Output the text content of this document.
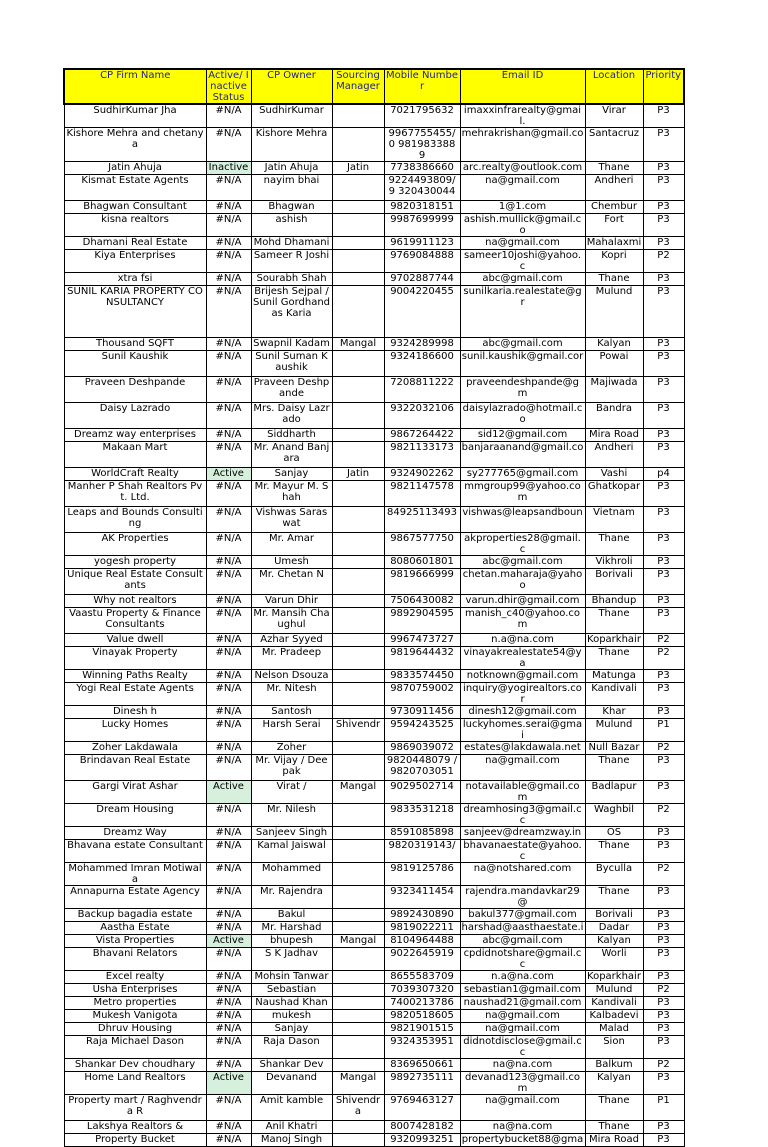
CP Firm Name	Active/ Inactive Status	CP Owner	Sourcing Manager	Mobile Number	Email ID	Location	Priority
SudhirKumar Jha	#N/A	SudhirKumar		7021795632	imaxxinfrarealty@gmail.	Virar	P3
Kishore Mehra and chetanya	#N/A	Kishore Mehra		9967755455/0 9819833889	mehrakrishan@gmail.co	Santacruz	P3
Jatin Ahuja	Inactive	Jatin Ahuja	Jatin	7738386660	arc.realty@outlook.com	Thane	P3
Kismat Estate Agents	#N/A	nayim bhai		9224493809/9 320430044	na@gmail.com	Andheri	P3
Bhagwan Consultant	#N/A	Bhagwan		9820318151	1@1.com	Chembur	P3
kisna realtors	#N/A	ashish		9987699999	ashish.mullick@gmail.co	Fort	P3
Dhamani Real Estate	#N/A	Mohd Dhamani		9619911123	na@gmail.com	Mahalaxmi	P3
Kiya Enterprises	#N/A	Sameer R Joshi		9769084888	sameer10joshi@yahoo.c	Kopri	P2
xtra fsi	#N/A	Sourabh Shah		9702887744	abc@gmail.com	Thane	P3
SUNIL KARIA PROPERTY CONSULTANCY	#N/A	Brijesh Sejpal / Sunil Gordhandas Karia		9004220455	sunilkaria.realestate@gr	Mulund	P3
Thousand SQFT	#N/A	Swapnil Kadam	Mangal	9324289998	abc@gmail.com	Kalyan	P3
Sunil Kaushik	#N/A	Sunil Suman Kaushik		9324186600	sunil.kaushik@gmail.cor	Powai	P3
Praveen Deshpande	#N/A	Praveen Deshpande		7208811222	praveendeshpande@gm	Majiwada	P3
Daisy Lazrado	#N/A	Mrs. Daisy Lazrado		9322032106	daisylazrado@hotmail.co	Bandra	P3
Dreamz way enterprises	#N/A	Siddharth		9867264422	sid12@gmail.com	Mira Road	P3
Makaan Mart	#N/A	Mr. Anand Banjara		9821133173	banjaraanand@gmail.co	Andheri	P3
WorldCraft Realty	Active	Sanjay	Jatin	9324902262	sy277765@gmail.com	Vashi	p4
Manher P Shah Realtors Pvt. Ltd.	#N/A	Mr. Mayur M. Shah		9821147578	mmgroup99@yahoo.com	Ghatkopar	P3
Leaps and Bounds Consulting	#N/A	Vishwas Saraswat		84925113493	vishwas@leapsandboun	Vietnam	P3
AK Properties	#N/A	Mr. Amar		9867577750	akproperties28@gmail.c	Thane	P3
yogesh property	#N/A	Umesh		8080601801	abc@gmail.com	Vikhroli	P3
Unique Real Estate Consultants	#N/A	Mr. Chetan N		9819666999	chetan.maharaja@yahoo	Borivali	P3
Why not realtors	#N/A	Varun Dhir		7506430082	varun.dhir@gmail.com	Bhandup	P3
Vaastu Property & Finance Consultants	#N/A	Mr. Mansih Chaughul		9892904595	manish_c40@yahoo.com	Thane	P3
Value dwell	#N/A	Azhar Syyed		9967473727	n.a@na.com	Koparkhair	P2
Vinayak Property	#N/A	Mr. Pradeep		9819644432	vinayakrealestate54@ya	Thane	P2
Winning Paths Realty	#N/A	Nelson Dsouza		9833574450	notknown@gmail.com	Matunga	P3
Yogi Real Estate Agents	#N/A	Mr. Nitesh		9870759002	inquiry@yogirealtors.cor	Kandivali	P3
Dinesh h	#N/A	Santosh		9730911456	dinesh12@gmail.com	Khar	P3
Lucky Homes	#N/A	Harsh Serai	Shivendr	9594243525	luckyhomes.serai@gmai	Mulund	P1
Zoher Lakdawala	#N/A	Zoher		9869039072	estates@lakdawala.net	Null Bazar	P2
Brindavan Real Estate	#N/A	Mr. Vijay / Deepak		9820448079 / 9820703051	na@gmail.com	Thane	P3
Gargi Virat Ashar	Active	Virat /	Mangal	9029502714	notavailable@gmail.com	Badlapur	P3
Dream Housing	#N/A	Mr. Nilesh		9833531218	dreamhosing3@gmail.cc	Waghbil	P2
Dreamz Way	#N/A	Sanjeev Singh		8591085898	sanjeev@dreamzway.in	OS	P3
Bhavana estate Consultant	#N/A	Kamal Jaiswal		9820319143/	bhavanaestate@yahoo.c	Thane	P3
Mohammed Imran Motiwala	#N/A	Mohammed		9819125786	na@notshared.com	Byculla	P2
Annapurna Estate Agency	#N/A	Mr. Rajendra		9323411454	rajendra.mandavkar29@	Thane	P3
Backup bagadia estate	#N/A	Bakul		9892430890	bakul377@gmail.com	Borivali	P3
Aastha Estate	#N/A	Mr. Harshad		9819022211	harshad@aasthaestate.i	Dadar	P3
Vista Properties	Active	bhupesh	Mangal	8104964488	abc@gmail.com	Kalyan	P3
Bhavani Relators	#N/A	S K Jadhav		9022645919	cpdidnotshare@gmail.cc	Worli	P3
Excel realty	#N/A	Mohsin Tanwar		8655583709	n.a@na.com	Koparkhair	P3
Usha Enterprises	#N/A	Sebastian		7039307320	sebastian1@gmail.com	Mulund	P2
Metro properties	#N/A	Naushad Khan		7400213786	naushad21@gmail.com	Kandivali	P3
Mukesh Vanigota	#N/A	mukesh		9820518605	na@gmail.com	Kalbadevi	P3
Dhruv Housing	#N/A	Sanjay		9821901515	na@gmail.com	Malad	P3
Raja Michael Dason	#N/A	Raja Dason		9324353951	didnotdisclose@gmail.cc	Sion	P3
Shankar Dev choudhary	#N/A	Shankar Dev		8369650661	na@na.com	Balkum	P2
Home Land Realtors	Active	Devanand	Mangal	9892735111	devanad123@gmail.com	Kalyan	P3
Property mart / Raghvendra R	#N/A	Amit kamble	Shivendr a	9769463127	na@gmail.com	Thane	P1
Lakshya Realtors &	#N/A	Anil Khatri		8007428182	na@na.com	Thane	P3
Property Bucket	#N/A	Manoj Singh		9320993251	propertybucket88@gma	Mira Road	P3
